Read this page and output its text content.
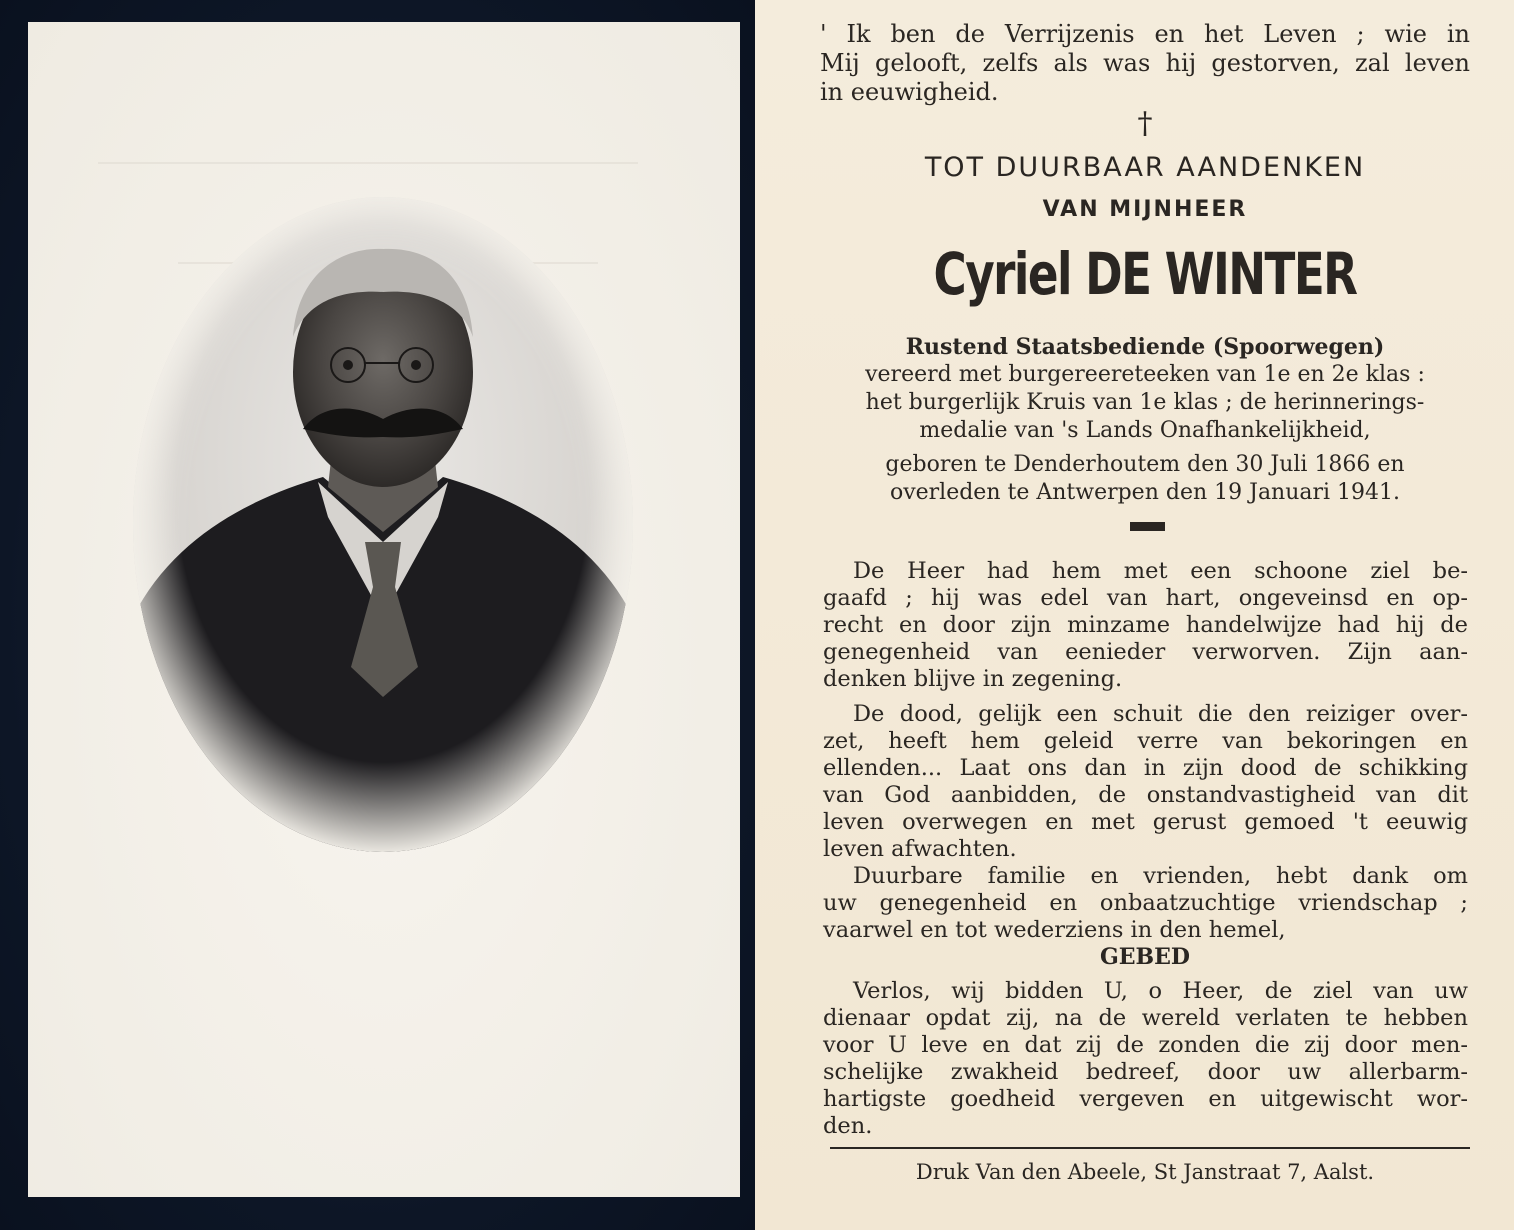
' Ik ben de Verrijzenis en het Leven ; wie in
Mij gelooft, zelfs als was hij gestorven, zal leven
in eeuwigheid.
†
TOT DUURBAAR AANDENKEN
VAN MIJNHEER
Cyriel DE WINTER
Rustend Staatsbediende (Spoorwegen)
vereerd met burgereereteeken van 1e en 2e klas :
het burgerlijk Kruis van 1e klas ; de herinnerings-
medalie van 's Lands Onafhankelijkheid,
geboren te Denderhoutem den 30 Juli 1866 en
overleden te Antwerpen den 19 Januari 1941.
De Heer had hem met een schoone ziel be-
gaafd ; hij was edel van hart, ongeveinsd en op-
recht en door zijn minzame handelwijze had hij de
genegenheid van eenieder verworven. Zijn aan-
denken blijve in zegening.
De dood, gelijk een schuit die den reiziger over-
zet, heeft hem geleid verre van bekoringen en
ellenden... Laat ons dan in zijn dood de schikking
van God aanbidden, de onstandvastigheid van dit
leven overwegen en met gerust gemoed 't eeuwig
leven afwachten.
Duurbare familie en vrienden, hebt dank om
uw genegenheid en onbaatzuchtige vriendschap ;
vaarwel en tot wederziens in den hemel,
GEBED
Verlos, wij bidden U, o Heer, de ziel van uw
dienaar opdat zij, na de wereld verlaten te hebben
voor U leve en dat zij de zonden die zij door men-
schelijke zwakheid bedreef, door uw allerbarm-
hartigste goedheid vergeven en uitgewischt wor-
den.
Druk Van den Abeele, St Janstraat 7, Aalst.
